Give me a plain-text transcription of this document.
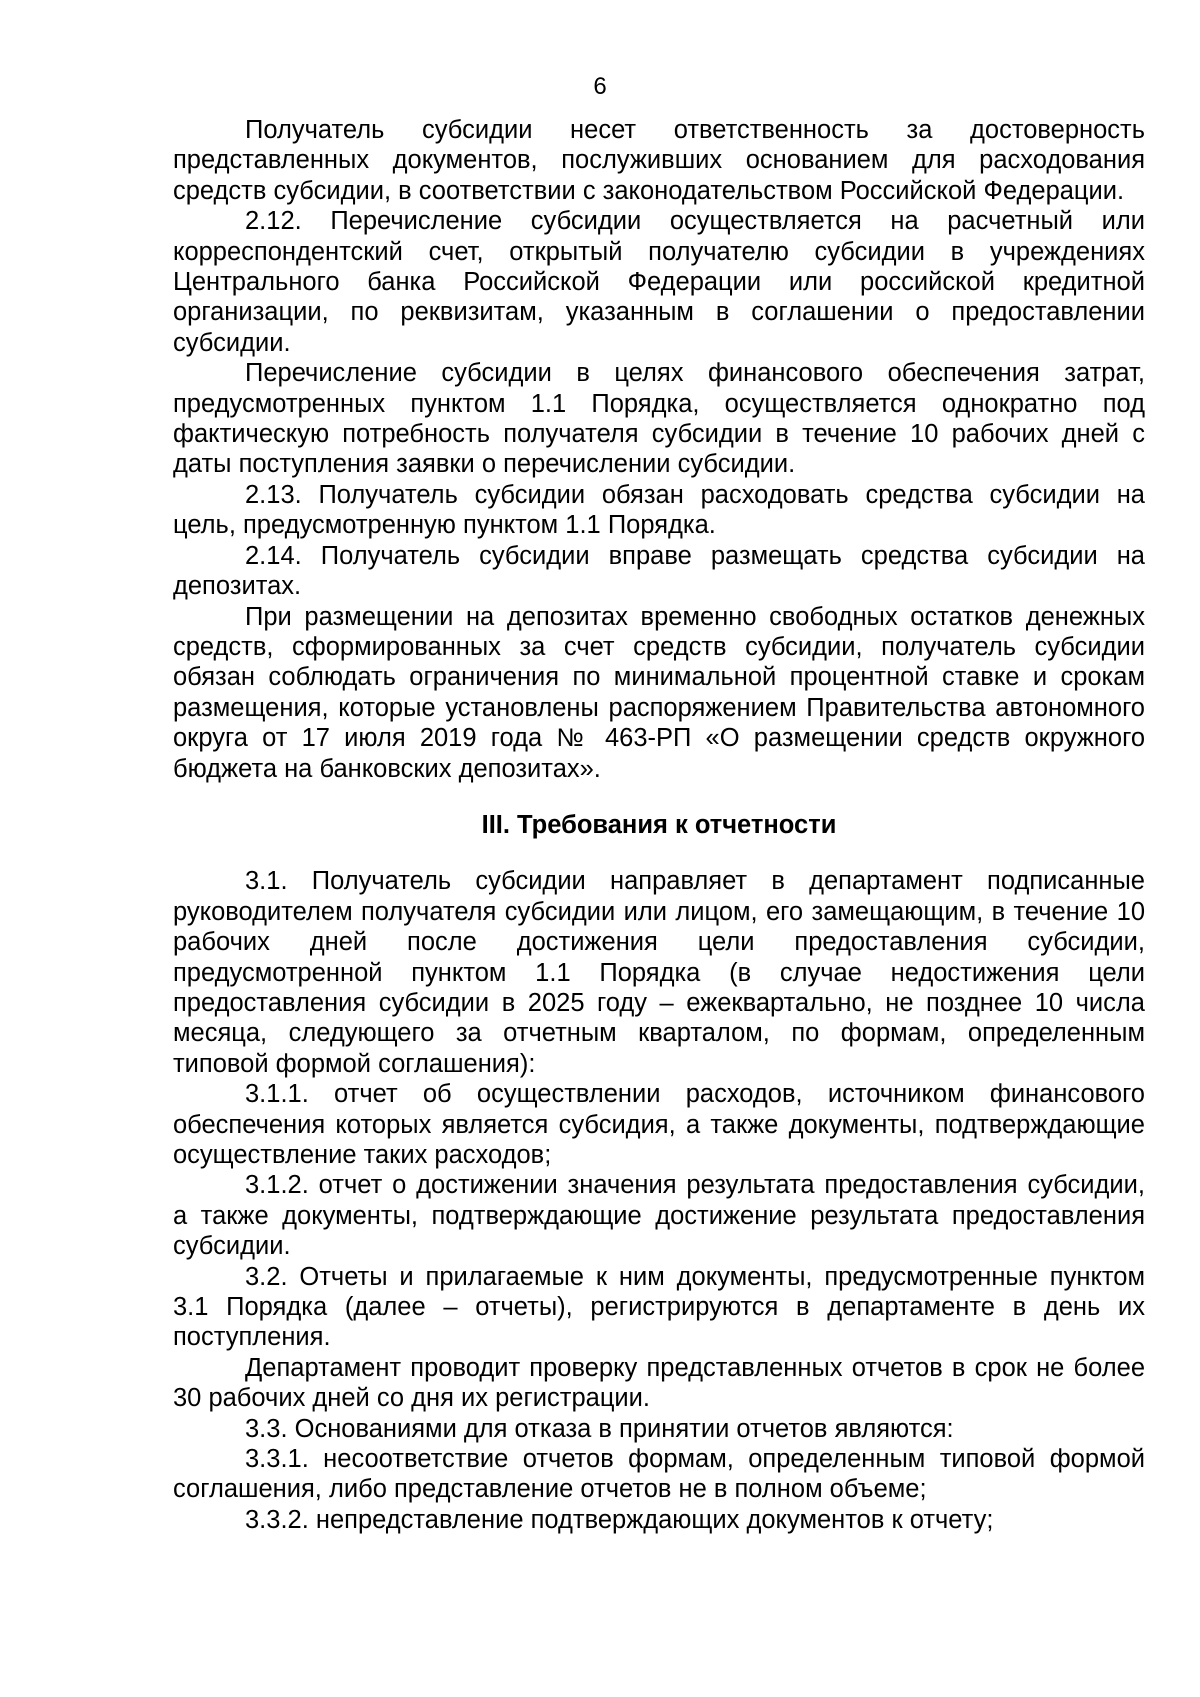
6

Получатель субсидии несет ответственность за достоверность представленных документов, послуживших основанием для расходования средств субсидии, в соответствии с законодательством Российской Федерации.

2.12. Перечисление субсидии осуществляется на расчетный или корреспондентский счет, открытый получателю субсидии в учреждениях Центрального банка Российской Федерации или российской кредитной организации, по реквизитам, указанным в соглашении о предоставлении субсидии.

Перечисление субсидии в целях финансового обеспечения затрат, предусмотренных пунктом 1.1 Порядка, осуществляется однократно под фактическую потребность получателя субсидии в течение 10 рабочих дней с даты поступления заявки о перечислении субсидии.

2.13. Получатель субсидии обязан расходовать средства субсидии на цель, предусмотренную пунктом 1.1 Порядка.

2.14. Получатель субсидии вправе размещать средства субсидии на депозитах.

При размещении на депозитах временно свободных остатков денежных средств, сформированных за счет средств субсидии, получатель субсидии обязан соблюдать ограничения по минимальной процентной ставке и срокам размещения, которые установлены распоряжением Правительства автономного округа от 17 июля 2019 года № 463-РП «О размещении средств окружного бюджета на банковских депозитах».

III. Требования к отчетности

3.1. Получатель субсидии направляет в департамент подписанные руководителем получателя субсидии или лицом, его замещающим, в течение 10 рабочих дней после достижения цели предоставления субсидии, предусмотренной пунктом 1.1 Порядка (в случае недостижения цели предоставления субсидии в 2025 году – ежеквартально, не позднее 10 числа месяца, следующего за отчетным кварталом, по формам, определенным типовой формой соглашения):

3.1.1. отчет об осуществлении расходов, источником финансового обеспечения которых является субсидия, а также документы, подтверждающие осуществление таких расходов;

3.1.2. отчет о достижении значения результата предоставления субсидии, а также документы, подтверждающие достижение результата предоставления субсидии.

3.2. Отчеты и прилагаемые к ним документы, предусмотренные пунктом 3.1 Порядка (далее – отчеты), регистрируются в департаменте в день их поступления.

Департамент проводит проверку представленных отчетов в срок не более 30 рабочих дней со дня их регистрации.

3.3. Основаниями для отказа в принятии отчетов являются:

3.3.1. несоответствие отчетов формам, определенным типовой формой соглашения, либо представление отчетов не в полном объеме;

3.3.2. непредставление подтверждающих документов к отчету;
